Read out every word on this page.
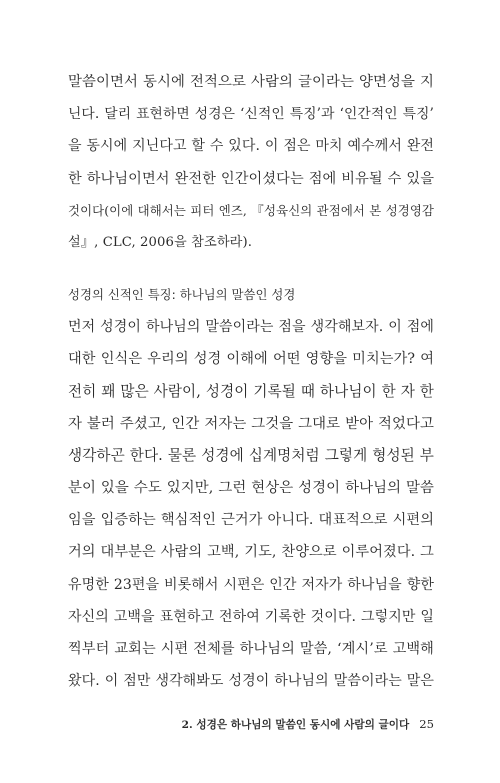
말씀이면서 동시에 전적으로 사람의 글이라는 양면성을 지
닌다. 달리 표현하면 성경은 ‘신적인 특징’과 ‘인간적인 특징’
을 동시에 지닌다고 할 수 있다. 이 점은 마치 예수께서 완전
한 하나님이면서 완전한 인간이셨다는 점에 비유될 수 있을
것이다(이에 대해서는 피터 엔즈, 『성육신의 관점에서 본 성경영감
설』, CLC, 2006을 참조하라).
성경의 신적인 특징: 하나님의 말씀인 성경
먼저 성경이 하나님의 말씀이라는 점을 생각해보자. 이 점에
대한 인식은 우리의 성경 이해에 어떤 영향을 미치는가? 여
전히 꽤 많은 사람이, 성경이 기록될 때 하나님이 한 자 한
자 불러 주셨고, 인간 저자는 그것을 그대로 받아 적었다고
생각하곤 한다. 물론 성경에 십계명처럼 그렇게 형성된 부
분이 있을 수도 있지만, 그런 현상은 성경이 하나님의 말씀
임을 입증하는 핵심적인 근거가 아니다. 대표적으로 시편의
거의 대부분은 사람의 고백, 기도, 찬양으로 이루어졌다. 그
유명한 23편을 비롯해서 시편은 인간 저자가 하나님을 향한
자신의 고백을 표현하고 전하여 기록한 것이다. 그렇지만 일
찍부터 교회는 시편 전체를 하나님의 말씀, ‘계시’로 고백해
왔다. 이 점만 생각해봐도 성경이 하나님의 말씀이라는 말은
2. 성경은 하나님의 말씀인 동시에 사람의 글이다 25
